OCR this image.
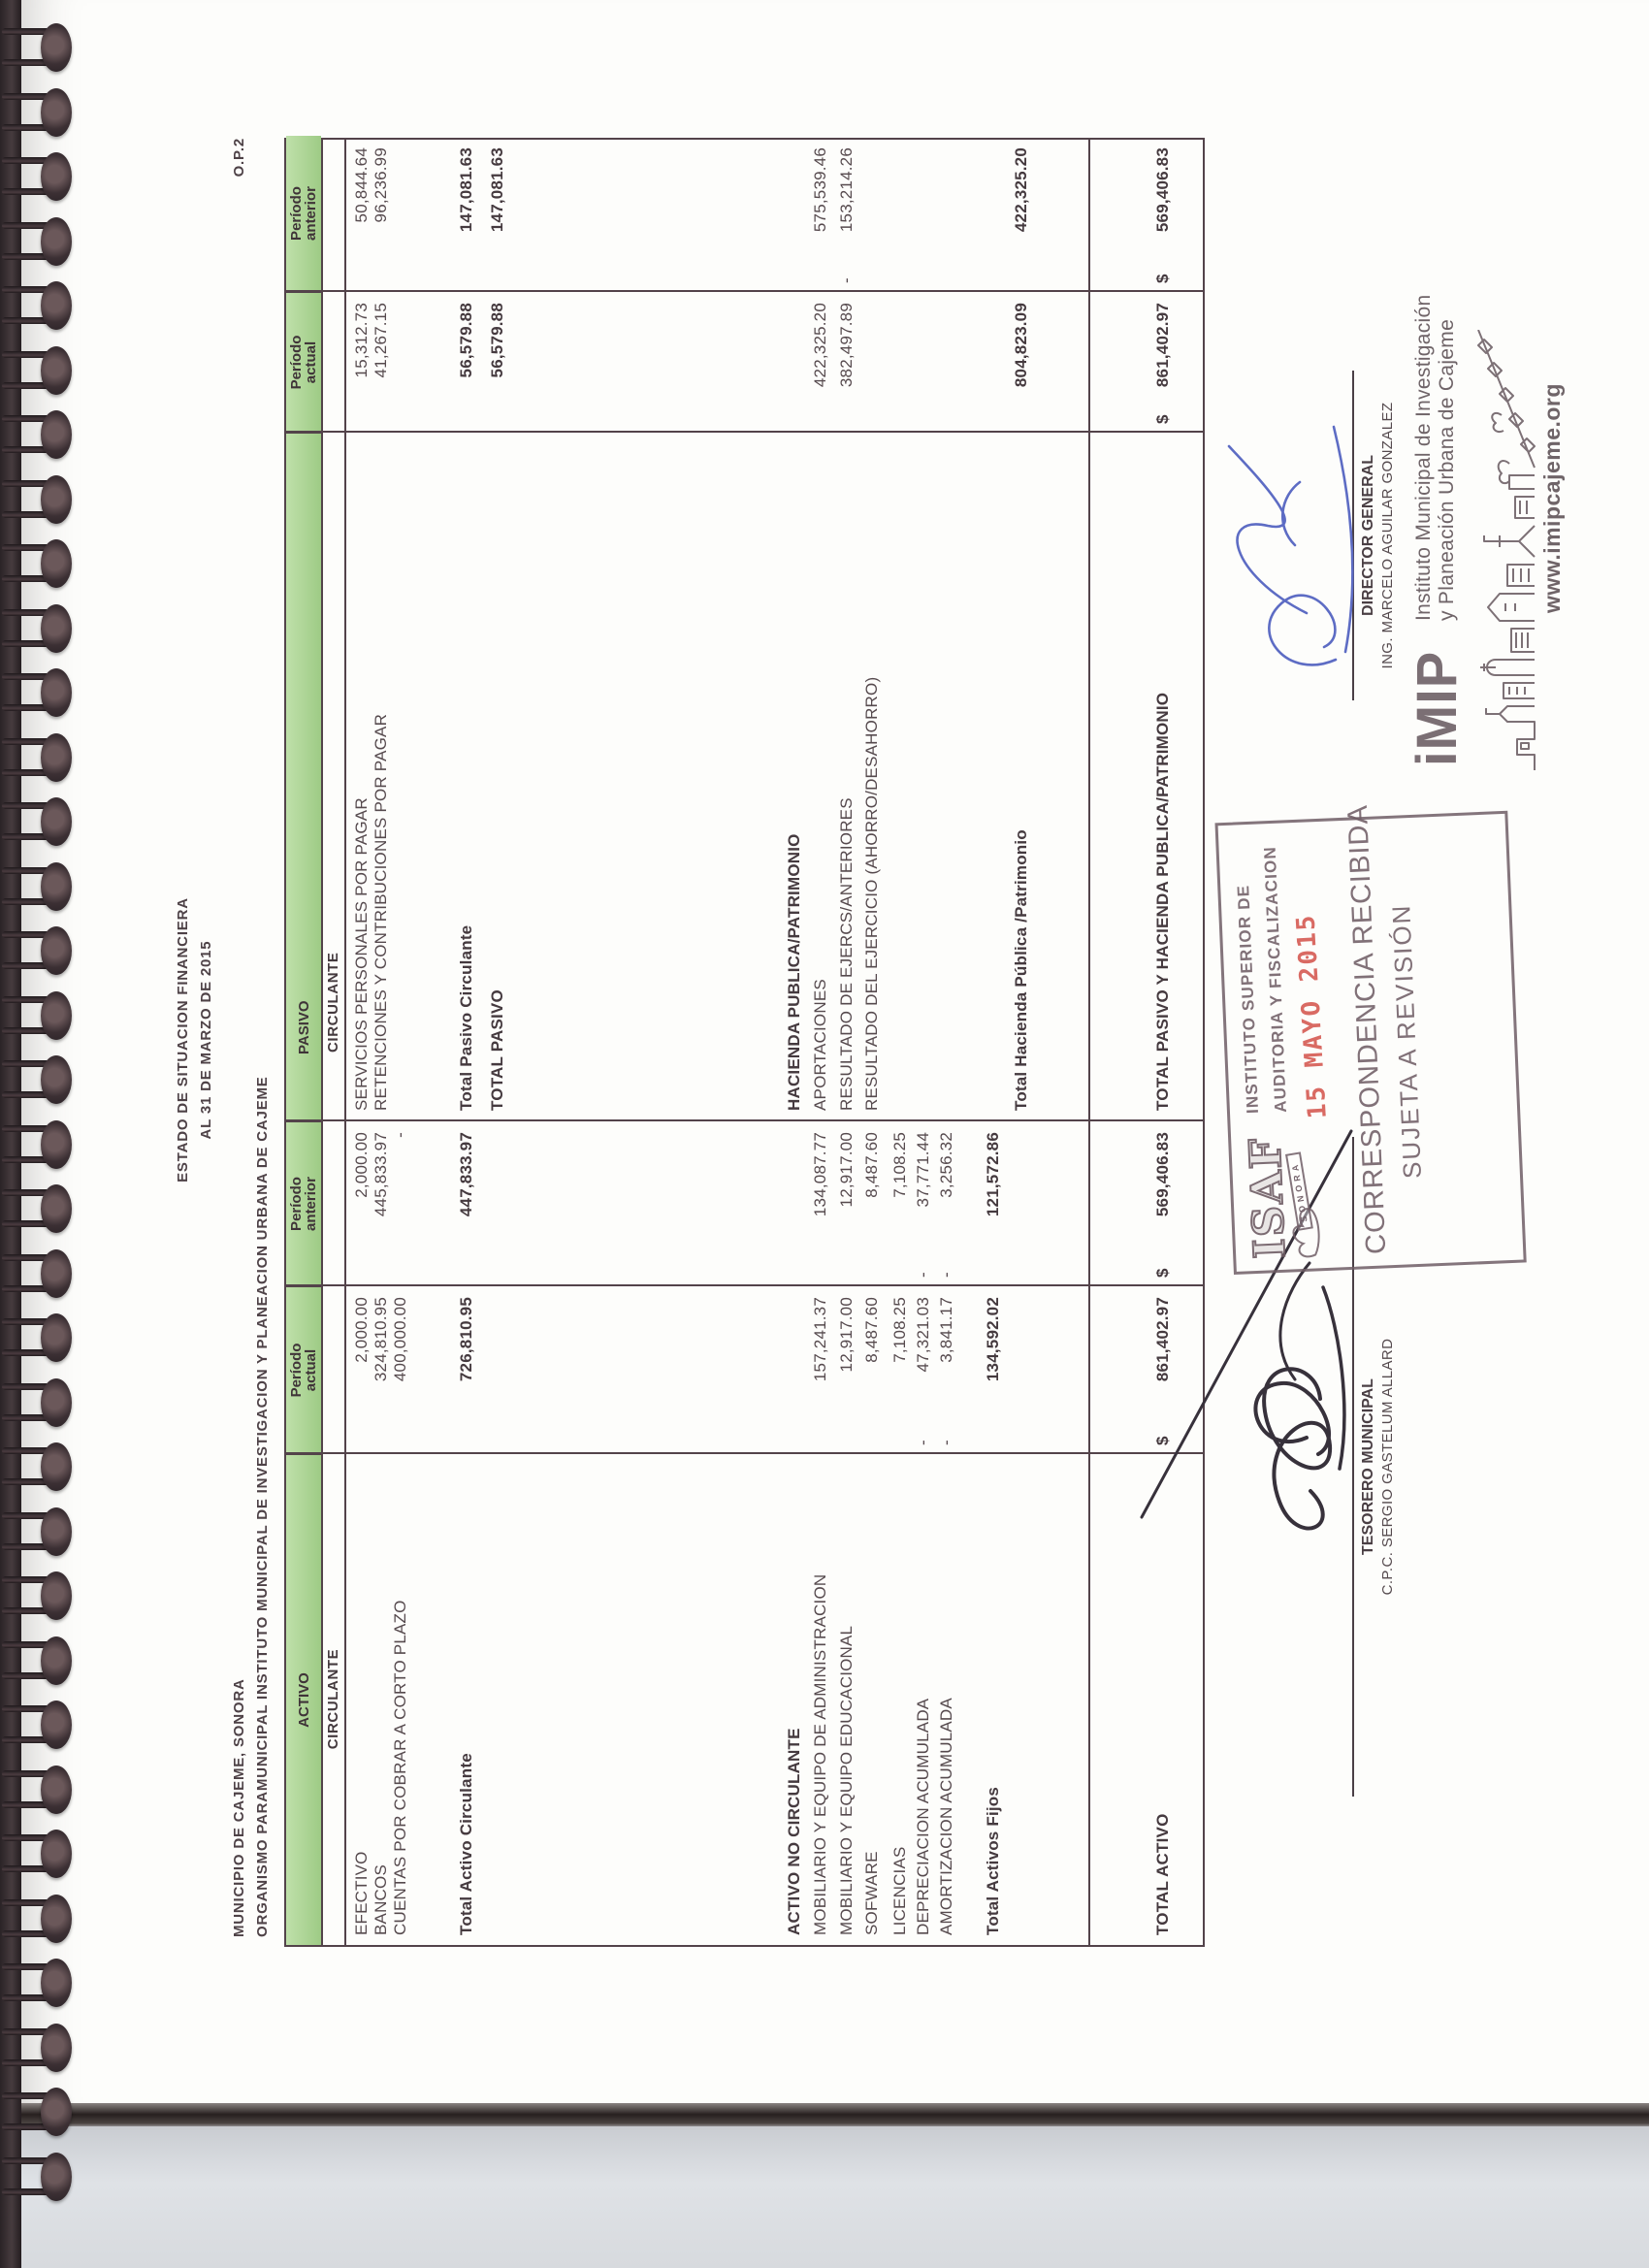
ESTADO DE SITUACION FINANCIERA AL 31 DE MARZO DE 2015
MUNICIPIO DE CAJEME, SONORA ORGANISMO PARAMUNICIPAL INSTITUTO MUNICIPAL DE INVESTIGACION Y PLANEACION URBANA DE CAJEME
O.P.2
ACTIVO
Período
actual
Período
anterior
PASIVO
Período
actual
Período
anterior
CIRCULANTE
CIRCULANTE
EFECTIVO
2,000.00
2,000.00
SERVICIOS PERSONALES POR PAGAR
15,312.73
50,844.64
BANCOS
324,810.95
445,833.97
RETENCIONES Y CONTRIBUCIONES POR PAGAR
41,267.15
96,236.99
CUENTAS POR COBRAR A CORTO PLAZO
400,000.00
-
Total Activo Circulante
726,810.95
447,833.97
Total Pasivo Circulante
56,579.88
147,081.63
TOTAL PASIVO
56,579.88
147,081.63
ACTIVO NO CIRCULANTE
HACIENDA PUBLICA/PATRIMONIO
MOBILIARIO Y EQUIPO DE ADMINISTRACION
157,241.37
134,087.77
APORTACIONES
422,325.20
575,539.46
MOBILIARIO Y EQUIPO EDUCACIONAL
12,917.00
12,917.00
RESULTADO DE EJERCS/ANTERIORES
382,497.89
-
153,214.26
SOFWARE
8,487.60
8,487.60
RESULTADO DEL EJERCICIO (AHORRO/DESAHORRO)
LICENCIAS
7,108.25
7,108.25
DEPRECIACION ACUMULADA
-
47,321.03
-
37,771.44
AMORTIZACION ACUMULADA
-
3,841.17
-
3,256.32
Total Activos Fijos
134,592.02
121,572.86
Total Hacienda Pública /Patrimonio
804,823.09
422,325.20
TOTAL ACTIVO
$
861,402.97
$
569,406.83
TOTAL PASIVO Y HACIENDA PUBLICA/PATRIMONIO
$
861,402.97
$
569,406.83
TESORERO MUNICIPAL C.P.C. SERGIO GASTELUM ALLARD
DIRECTOR GENERAL ING. MARCELO AGUILAR GONZALEZ
ISAF
SONORA
INSTITUTO SUPERIOR DE
AUDITORIA Y FISCALIZACION 15 MAYO 2015 CORRESPONDENCIA RECIBIDA
SUJETA A REVISIÓN
iMIP
Instituto Municipal de Investigación y Planeación Urbana de Cajeme	www.imipcajeme.org
